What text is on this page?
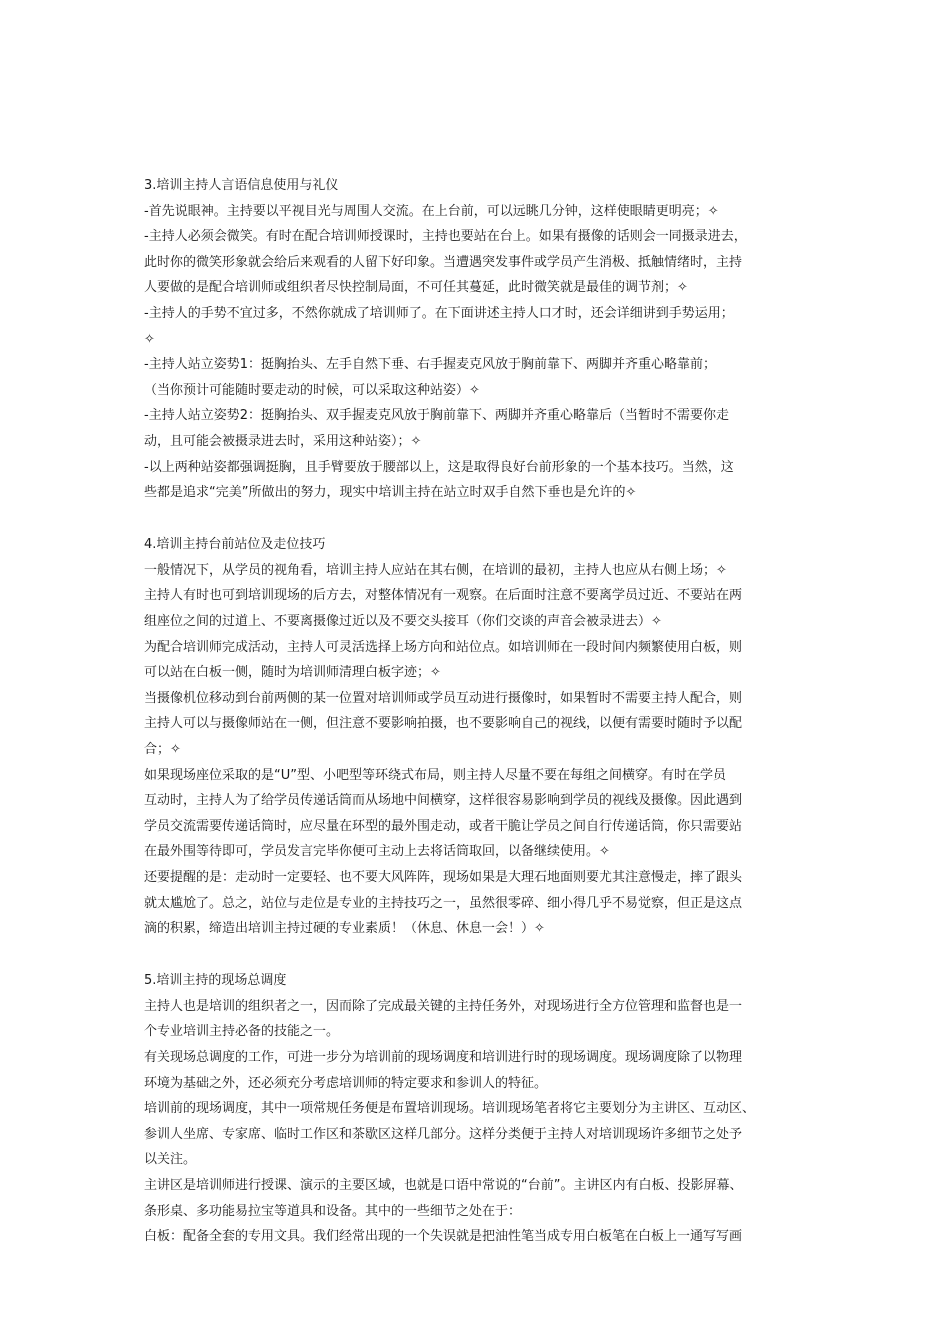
3.培训主持人言语信息使用与礼仪
-首先说眼神。主持要以平视目光与周围人交流。在上台前，可以远眺几分钟，这样使眼睛更明亮；✧
-主持人必须会微笑。有时在配合培训师授课时，主持也要站在台上。如果有摄像的话则会一同摄录进去，
此时你的微笑形象就会给后来观看的人留下好印象。当遭遇突发事件或学员产生消极、抵触情绪时，主持
人要做的是配合培训师或组织者尽快控制局面，不可任其蔓延，此时微笑就是最佳的调节剂；✧
-主持人的手势不宜过多，不然你就成了培训师了。在下面讲述主持人口才时，还会详细讲到手势运用；
✧
-主持人站立姿势1：挺胸抬头、左手自然下垂、右手握麦克风放于胸前靠下、两脚并齐重心略靠前；
（当你预计可能随时要走动的时候，可以采取这种站姿）✧
-主持人站立姿势2：挺胸抬头、双手握麦克风放于胸前靠下、两脚并齐重心略靠后（当暂时不需要你走
动，且可能会被摄录进去时，采用这种站姿）；✧
-以上两种站姿都强调挺胸，且手臂要放于腰部以上，这是取得良好台前形象的一个基本技巧。当然，这
些都是追求“完美”所做出的努力，现实中培训主持在站立时双手自然下垂也是允许的✧
4.培训主持台前站位及走位技巧
一般情况下，从学员的视角看，培训主持人应站在其右侧，在培训的最初，主持人也应从右侧上场；✧
主持人有时也可到培训现场的后方去，对整体情况有一观察。在后面时注意不要离学员过近、不要站在两
组座位之间的过道上、不要离摄像过近以及不要交头接耳（你们交谈的声音会被录进去）✧
为配合培训师完成活动，主持人可灵活选择上场方向和站位点。如培训师在一段时间内频繁使用白板，则
可以站在白板一侧，随时为培训师清理白板字迹；✧
当摄像机位移动到台前两侧的某一位置对培训师或学员互动进行摄像时，如果暂时不需要主持人配合，则
主持人可以与摄像师站在一侧，但注意不要影响拍摄，也不要影响自己的视线，以便有需要时随时予以配
合；✧
如果现场座位采取的是“U”型、小吧型等环绕式布局，则主持人尽量不要在每组之间横穿。有时在学员
互动时，主持人为了给学员传递话筒而从场地中间横穿，这样很容易影响到学员的视线及摄像。因此遇到
学员交流需要传递话筒时，应尽量在环型的最外围走动，或者干脆让学员之间自行传递话筒，你只需要站
在最外围等待即可，学员发言完毕你便可主动上去将话筒取回，以备继续使用。✧
还要提醒的是：走动时一定要轻、也不要大风阵阵，现场如果是大理石地面则要尤其注意慢走，摔了跟头
就太尴尬了。总之，站位与走位是专业的主持技巧之一，虽然很零碎、细小得几乎不易觉察，但正是这点
滴的积累，缔造出培训主持过硬的专业素质！（休息、休息一会！）✧
5.培训主持的现场总调度
主持人也是培训的组织者之一，因而除了完成最关键的主持任务外，对现场进行全方位管理和监督也是一
个专业培训主持必备的技能之一。
有关现场总调度的工作，可进一步分为培训前的现场调度和培训进行时的现场调度。现场调度除了以物理
环境为基础之外，还必须充分考虑培训师的特定要求和参训人的特征。
培训前的现场调度，其中一项常规任务便是布置培训现场。培训现场笔者将它主要划分为主讲区、互动区、
参训人坐席、专家席、临时工作区和茶歇区这样几部分。这样分类便于主持人对培训现场许多细节之处予
以关注。
主讲区是培训师进行授课、演示的主要区域，也就是口语中常说的“台前”。主讲区内有白板、投影屏幕、
条形桌、多功能易拉宝等道具和设备。其中的一些细节之处在于：
白板：配备全套的专用文具。我们经常出现的一个失误就是把油性笔当成专用白板笔在白板上一通写写画
